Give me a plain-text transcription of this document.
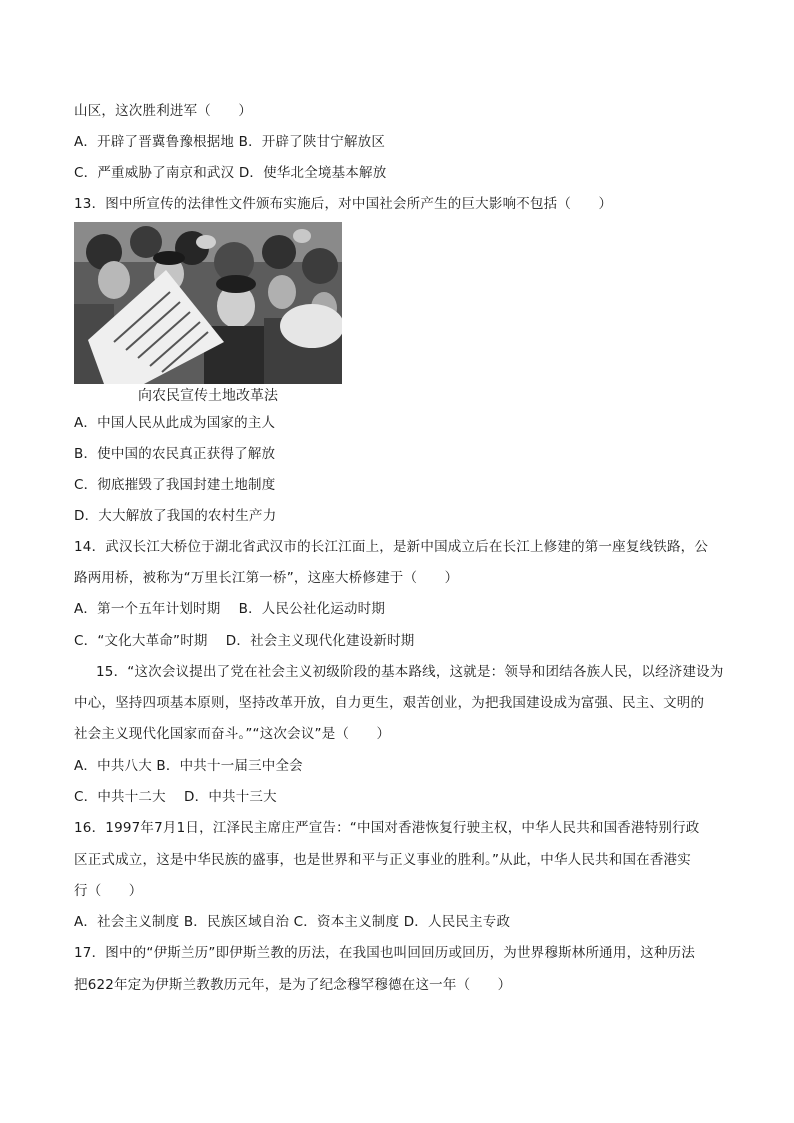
山区，这次胜利进军（　　）
A．开辟了晋冀鲁豫根据地 B．开辟了陕甘宁解放区
C．严重威胁了南京和武汉 D．使华北全境基本解放
13．图中所宣传的法律性文件颁布实施后，对中国社会所产生的巨大影响不包括（　　）
向农民宣传土地改革法
A．中国人民从此成为国家的主人
B．使中国的农民真正获得了解放
C．彻底摧毁了我国封建土地制度
D．大大解放了我国的农村生产力
14．武汉长江大桥位于湖北省武汉市的长江江面上，是新中国成立后在长江上修建的第一座复线铁路，公
路两用桥，被称为“万里长江第一桥”，这座大桥修建于（　　）
A．第一个五年计划时期　 B．人民公社化运动时期
C．“文化大革命”时期　 D．社会主义现代化建设新时期
15．“这次会议提出了党在社会主义初级阶段的基本路线，这就是：领导和团结各族人民，以经济建设为
中心，坚持四项基本原则，坚持改革开放，自力更生，艰苦创业，为把我国建设成为富强、民主、文明的
社会主义现代化国家而奋斗。”“这次会议”是（　　）
A．中共八大 B．中共十一届三中全会
C．中共十二大　 D．中共十三大
16．1997年7月1日，江泽民主席庄严宣告：“中国对香港恢复行驶主权，中华人民共和国香港特别行政
区正式成立，这是中华民族的盛事，也是世界和平与正义事业的胜利。”从此，中华人民共和国在香港实
行（　　）
A．社会主义制度 B．民族区域自治 C．资本主义制度 D．人民民主专政
17．图中的“伊斯兰历”即伊斯兰教的历法，在我国也叫回回历或回历，为世界穆斯林所通用，这种历法
把622年定为伊斯兰教教历元年，是为了纪念穆罕穆德在这一年（　　）
